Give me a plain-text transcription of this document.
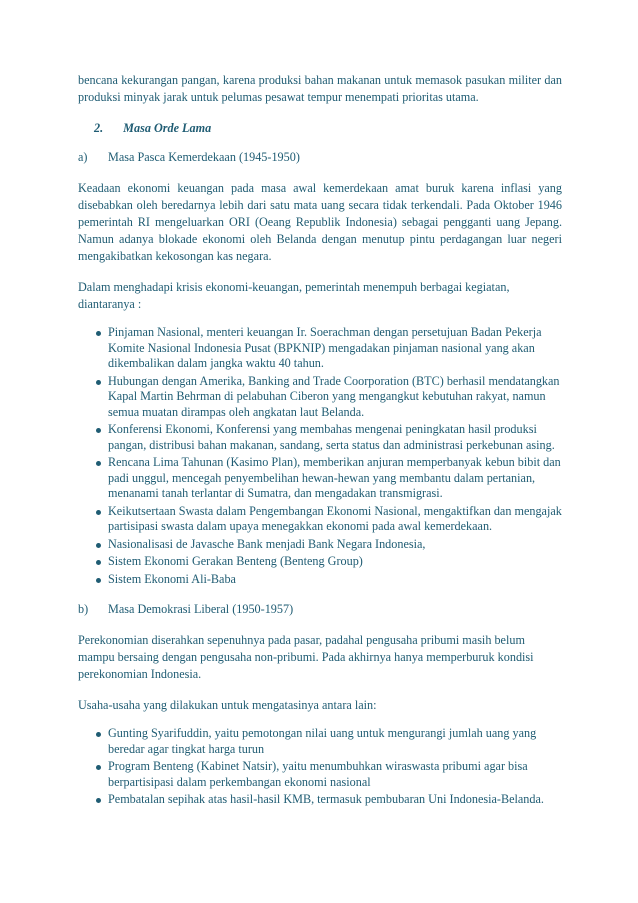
bencana kekurangan pangan, karena produksi bahan makanan untuk memasok pasukan militer dan produksi minyak jarak untuk pelumas pesawat tempur menempati prioritas utama.

2. Masa Orde Lama
a)	Masa Pasca Kemerdekaan (1945-1950)

Keadaan ekonomi keuangan pada masa awal kemerdekaan amat buruk karena inflasi yang disebabkan oleh beredarnya lebih dari satu mata uang secara tidak terkendali. Pada Oktober 1946 pemerintah RI mengeluarkan ORI (Oeang Republik Indonesia) sebagai pengganti uang Jepang. Namun adanya blokade ekonomi oleh Belanda dengan menutup pintu perdagangan luar negeri mengakibatkan kekosongan kas negara.

Dalam menghadapi krisis ekonomi-keuangan, pemerintah menempuh berbagai kegiatan, diantaranya :

Pinjaman Nasional, menteri keuangan Ir. Soerachman dengan persetujuan Badan Pekerja Komite Nasional Indonesia Pusat (BPKNIP) mengadakan pinjaman nasional yang akan dikembalikan dalam jangka waktu 40 tahun.
Hubungan dengan Amerika, Banking and Trade Coorporation (BTC) berhasil mendatangkan Kapal Martin Behrman di pelabuhan Ciberon yang mengangkut kebutuhan rakyat, namun semua muatan dirampas oleh angkatan laut Belanda.
Konferensi Ekonomi, Konferensi yang membahas mengenai peningkatan hasil produksi pangan, distribusi bahan makanan, sandang, serta status dan administrasi perkebunan asing.
Rencana Lima Tahunan (Kasimo Plan), memberikan anjuran memperbanyak kebun bibit dan padi unggul, mencegah penyembelihan hewan-hewan yang membantu dalam pertanian, menanami tanah terlantar di Sumatra, dan mengadakan transmigrasi.
Keikutsertaan Swasta dalam Pengembangan Ekonomi Nasional, mengaktifkan dan mengajak partisipasi swasta dalam upaya menegakkan ekonomi pada awal kemerdekaan.
Nasionalisasi de Javasche Bank menjadi Bank Negara Indonesia,
Sistem Ekonomi Gerakan Benteng (Benteng Group)
Sistem Ekonomi Ali-Baba
b)	Masa Demokrasi Liberal (1950-1957)

Perekonomian diserahkan sepenuhnya pada pasar, padahal pengusaha pribumi masih belum mampu bersaing dengan pengusaha non-pribumi. Pada akhirnya hanya memperburuk kondisi perekonomian Indonesia.

Usaha-usaha yang dilakukan untuk mengatasinya antara lain:

Gunting Syarifuddin, yaitu pemotongan nilai uang untuk mengurangi jumlah uang yang beredar agar tingkat harga turun
Program Benteng (Kabinet Natsir), yaitu menumbuhkan wiraswasta pribumi agar bisa berpartisipasi dalam perkembangan ekonomi nasional
Pembatalan sepihak atas hasil-hasil KMB, termasuk pembubaran Uni Indonesia-Belanda.
